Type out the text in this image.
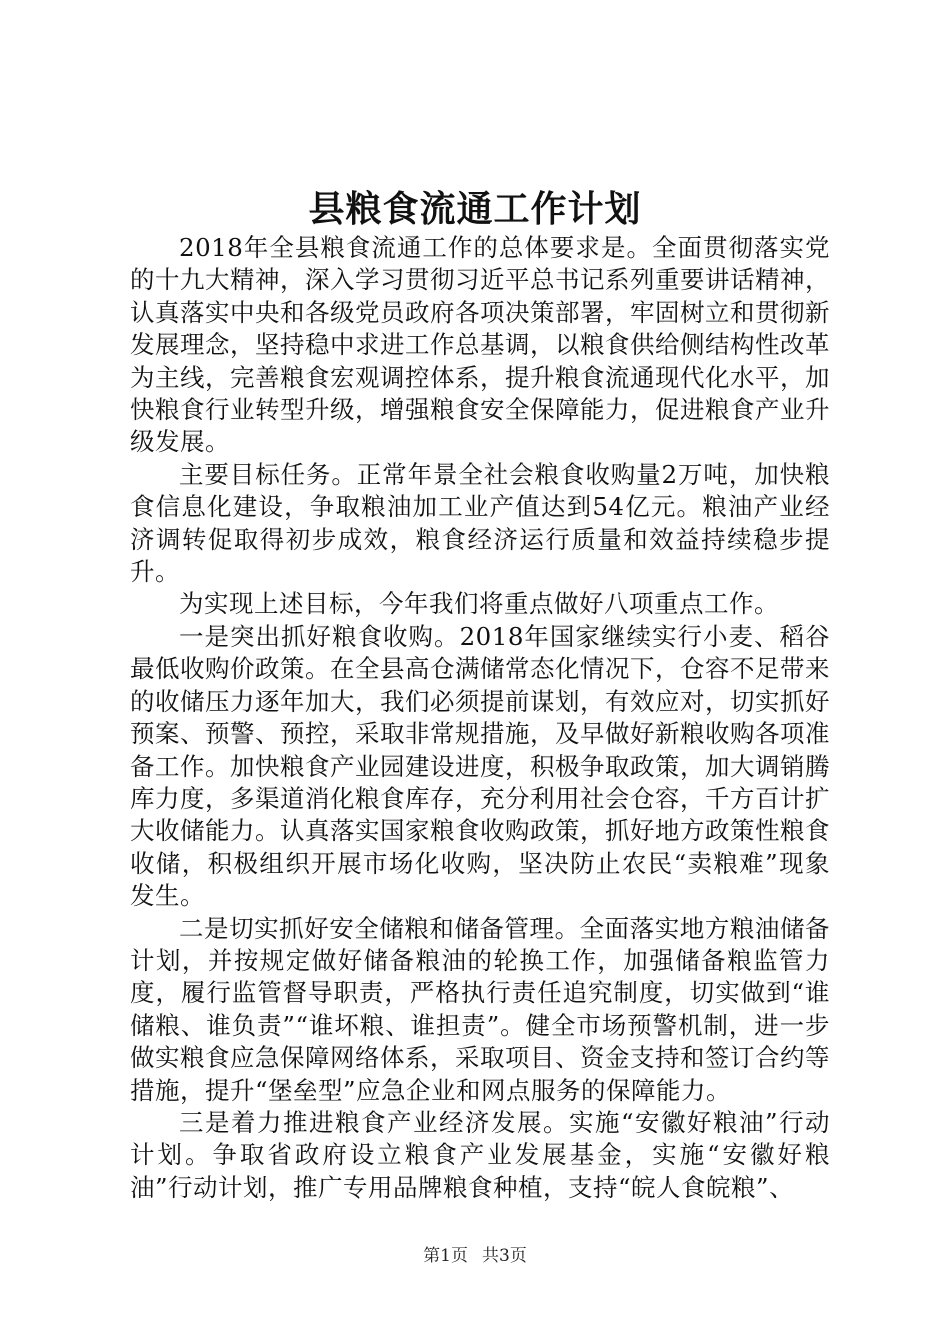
县粮食流通工作计划

2018年全县粮食流通工作的总体要求是。全面贯彻落实党的十九大精神，深入学习贯彻习近平总书记系列重要讲话精神，认真落实中央和各级党员政府各项决策部署，牢固树立和贯彻新发展理念，坚持稳中求进工作总基调，以粮食供给侧结构性改革为主线，完善粮食宏观调控体系，提升粮食流通现代化水平，加快粮食行业转型升级，增强粮食安全保障能力，促进粮食产业升级发展。

主要目标任务。正常年景全社会粮食收购量2万吨，加快粮食信息化建设，争取粮油加工业产值达到54亿元。粮油产业经济调转促取得初步成效，粮食经济运行质量和效益持续稳步提升。

为实现上述目标，今年我们将重点做好八项重点工作。

一是突出抓好粮食收购。2018年国家继续实行小麦、稻谷最低收购价政策。在全县高仓满储常态化情况下，仓容不足带来的收储压力逐年加大，我们必须提前谋划，有效应对，切实抓好预案、预警、预控，采取非常规措施，及早做好新粮收购各项准备工作。加快粮食产业园建设进度，积极争取政策，加大调销腾库力度，多渠道消化粮食库存，充分利用社会仓容，千方百计扩大收储能力。认真落实国家粮食收购政策，抓好地方政策性粮食收储，积极组织开展市场化收购，坚决防止农民“卖粮难”现象发生。

二是切实抓好安全储粮和储备管理。全面落实地方粮油储备计划，并按规定做好储备粮油的轮换工作，加强储备粮监管力度，履行监管督导职责，严格执行责任追究制度，切实做到“谁储粮、谁负责”“谁坏粮、谁担责”。健全市场预警机制，进一步做实粮食应急保障网络体系，采取项目、资金支持和签订合约等措施，提升“堡垒型”应急企业和网点服务的保障能力。

三是着力推进粮食产业经济发展。实施“安徽好粮油”行动计划。争取省政府设立粮食产业发展基金，实施“安徽好粮油”行动计划，推广专用品牌粮食种植，支持“皖人食皖粮”、

第1页 共3页
